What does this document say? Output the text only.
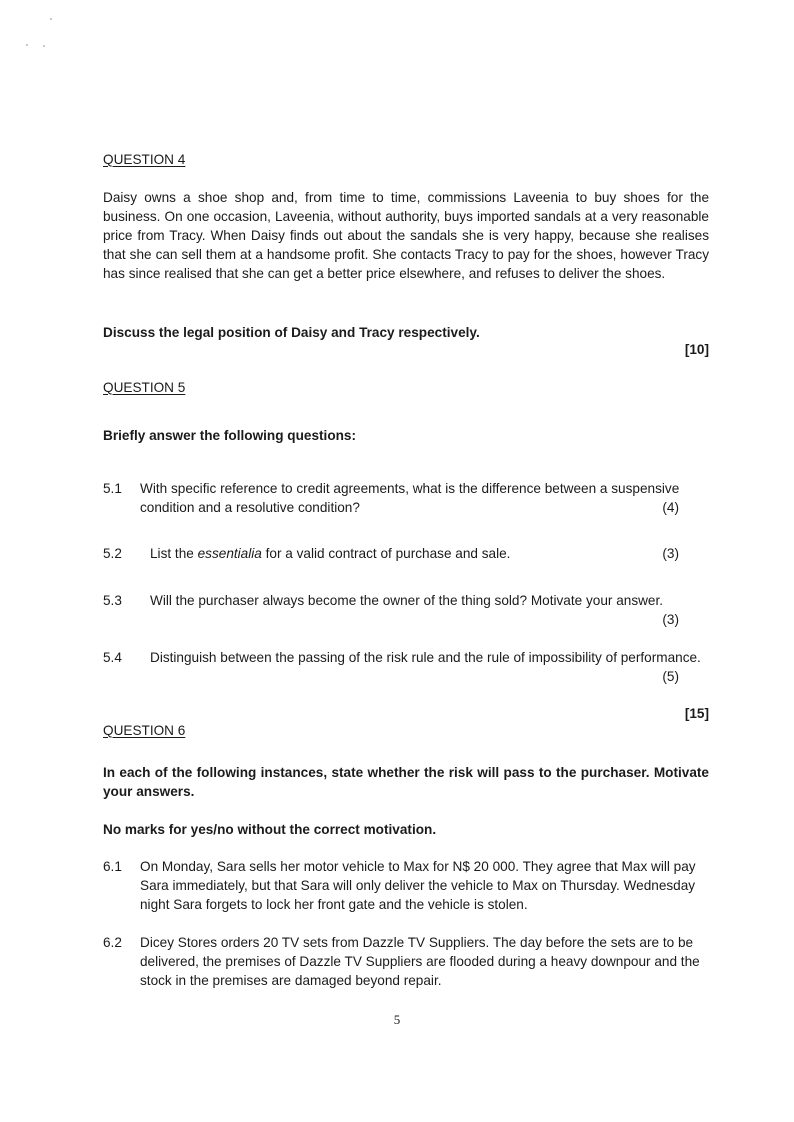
QUESTION 4
Daisy owns a shoe shop and, from time to time, commissions Laveenia to buy shoes for the business. On one occasion, Laveenia, without authority, buys imported sandals at a very reasonable price from Tracy. When Daisy finds out about the sandals she is very happy, because she realises that she can sell them at a handsome profit. She contacts Tracy to pay for the shoes, however Tracy has since realised that she can get a better price elsewhere, and refuses to deliver the shoes.
Discuss the legal position of Daisy and Tracy respectively.
[10]
QUESTION 5
Briefly answer the following questions:
5.1 With specific reference to credit agreements, what is the difference between a suspensive condition and a resolutive condition?	(4)
5.2 List the essentialia for a valid contract of purchase and sale.	(3)
5.3 Will the purchaser always become the owner of the thing sold? Motivate your answer.
(3)
5.4 Distinguish between the passing of the risk rule and the rule of impossibility of performance.
(5)
[15]
QUESTION 6
In each of the following instances, state whether the risk will pass to the purchaser. Motivate your answers.
No marks for yes/no without the correct motivation.
6.1 On Monday, Sara sells her motor vehicle to Max for N$ 20 000. They agree that Max will pay Sara immediately, but that Sara will only deliver the vehicle to Max on Thursday. Wednesday night Sara forgets to lock her front gate and the vehicle is stolen.
6.2 Dicey Stores orders 20 TV sets from Dazzle TV Suppliers. The day before the sets are to be delivered, the premises of Dazzle TV Suppliers are flooded during a heavy downpour and the stock in the premises are damaged beyond repair.
5
